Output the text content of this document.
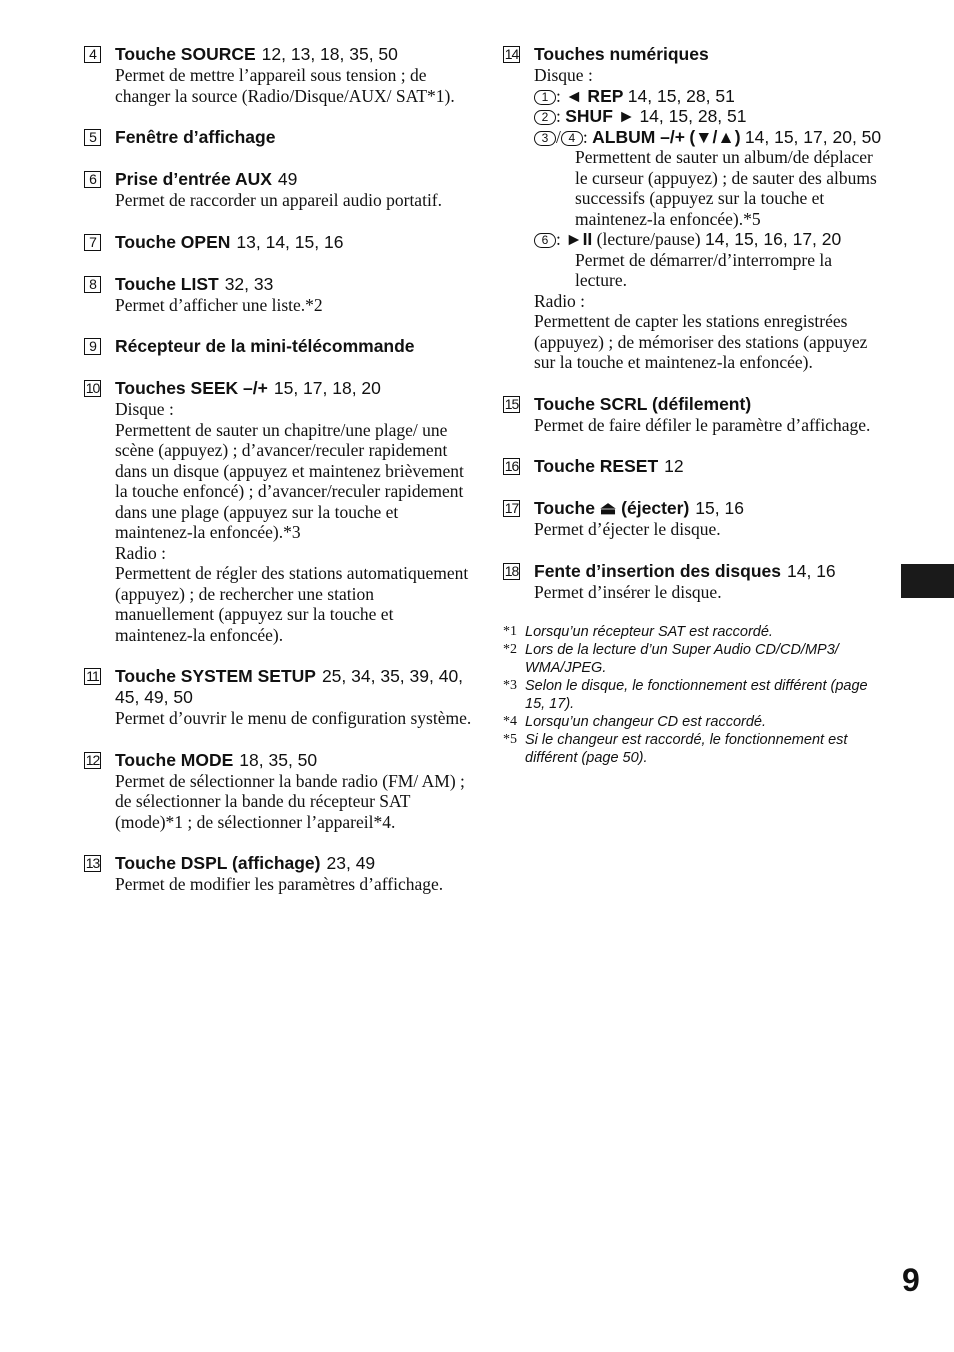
4 Touche SOURCE 12, 13, 18, 35, 50
Permet de mettre l’appareil sous tension ; de changer la source (Radio/Disque/AUX/ SAT*1).
5 Fenêtre d’affichage
6 Prise d’entrée AUX 49
Permet de raccorder un appareil audio portatif.
7 Touche OPEN 13, 14, 15, 16
8 Touche LIST 32, 33
Permet d’afficher une liste.*2
9 Récepteur de la mini-télécommande
10 Touches SEEK –/+ 15, 17, 18, 20
Disque :
Permettent de sauter un chapitre/une plage/ une scène (appuyez) ; d’avancer/reculer rapidement dans un disque (appuyez et maintenez brièvement la touche enfoncé) ; d’avancer/reculer rapidement dans une plage (appuyez sur la touche et maintenez-la enfoncée).*3
Radio :
Permettent de régler des stations automatiquement (appuyez) ; de rechercher une station manuellement (appuyez sur la touche et maintenez-la enfoncée).
11 Touche SYSTEM SETUP 25, 34, 35, 39, 40, 45, 49, 50
Permet d’ouvrir le menu de configuration système.
12 Touche MODE 18, 35, 50
Permet de sélectionner la bande radio (FM/ AM) ; de sélectionner la bande du récepteur SAT (mode)*1 ; de sélectionner l’appareil*4.
13 Touche DSPL (affichage) 23, 49
Permet de modifier les paramètres d’affichage.
14 Touches numériques
Disque :
1 : ◄ REP 14, 15, 28, 51
2 : SHUF ► 14, 15, 28, 51
3 / 4 : ALBUM –/+ (▼/▲) 14, 15, 17, 20, 50
Permettent de sauter un album/de déplacer le curseur (appuyez) ; de sauter des albums successifs (appuyez sur la touche et maintenez-la enfoncée).*5
6 : ►II (lecture/pause) 14, 15, 16, 17, 20
Permet de démarrer/d’interrompre la lecture.
Radio :
Permettent de capter les stations enregistrées (appuyez) ; de mémoriser des stations (appuyez sur la touche et maintenez-la enfoncée).
15 Touche SCRL (défilement)
Permet de faire défiler le paramètre d’affichage.
16 Touche RESET 12
17 Touche ⏏ (éjecter) 15, 16
Permet d’éjecter le disque.
18 Fente d’insertion des disques 14, 16
Permet d’insérer le disque.
*1 Lorsqu’un récepteur SAT est raccordé.
*2 Lors de la lecture d’un Super Audio CD/CD/MP3/ WMA/JPEG.
*3 Selon le disque, le fonctionnement est différent (page 15, 17).
*4 Lorsqu’un changeur CD est raccordé.
*5 Si le changeur est raccordé, le fonctionnement est différent (page 50).
9
